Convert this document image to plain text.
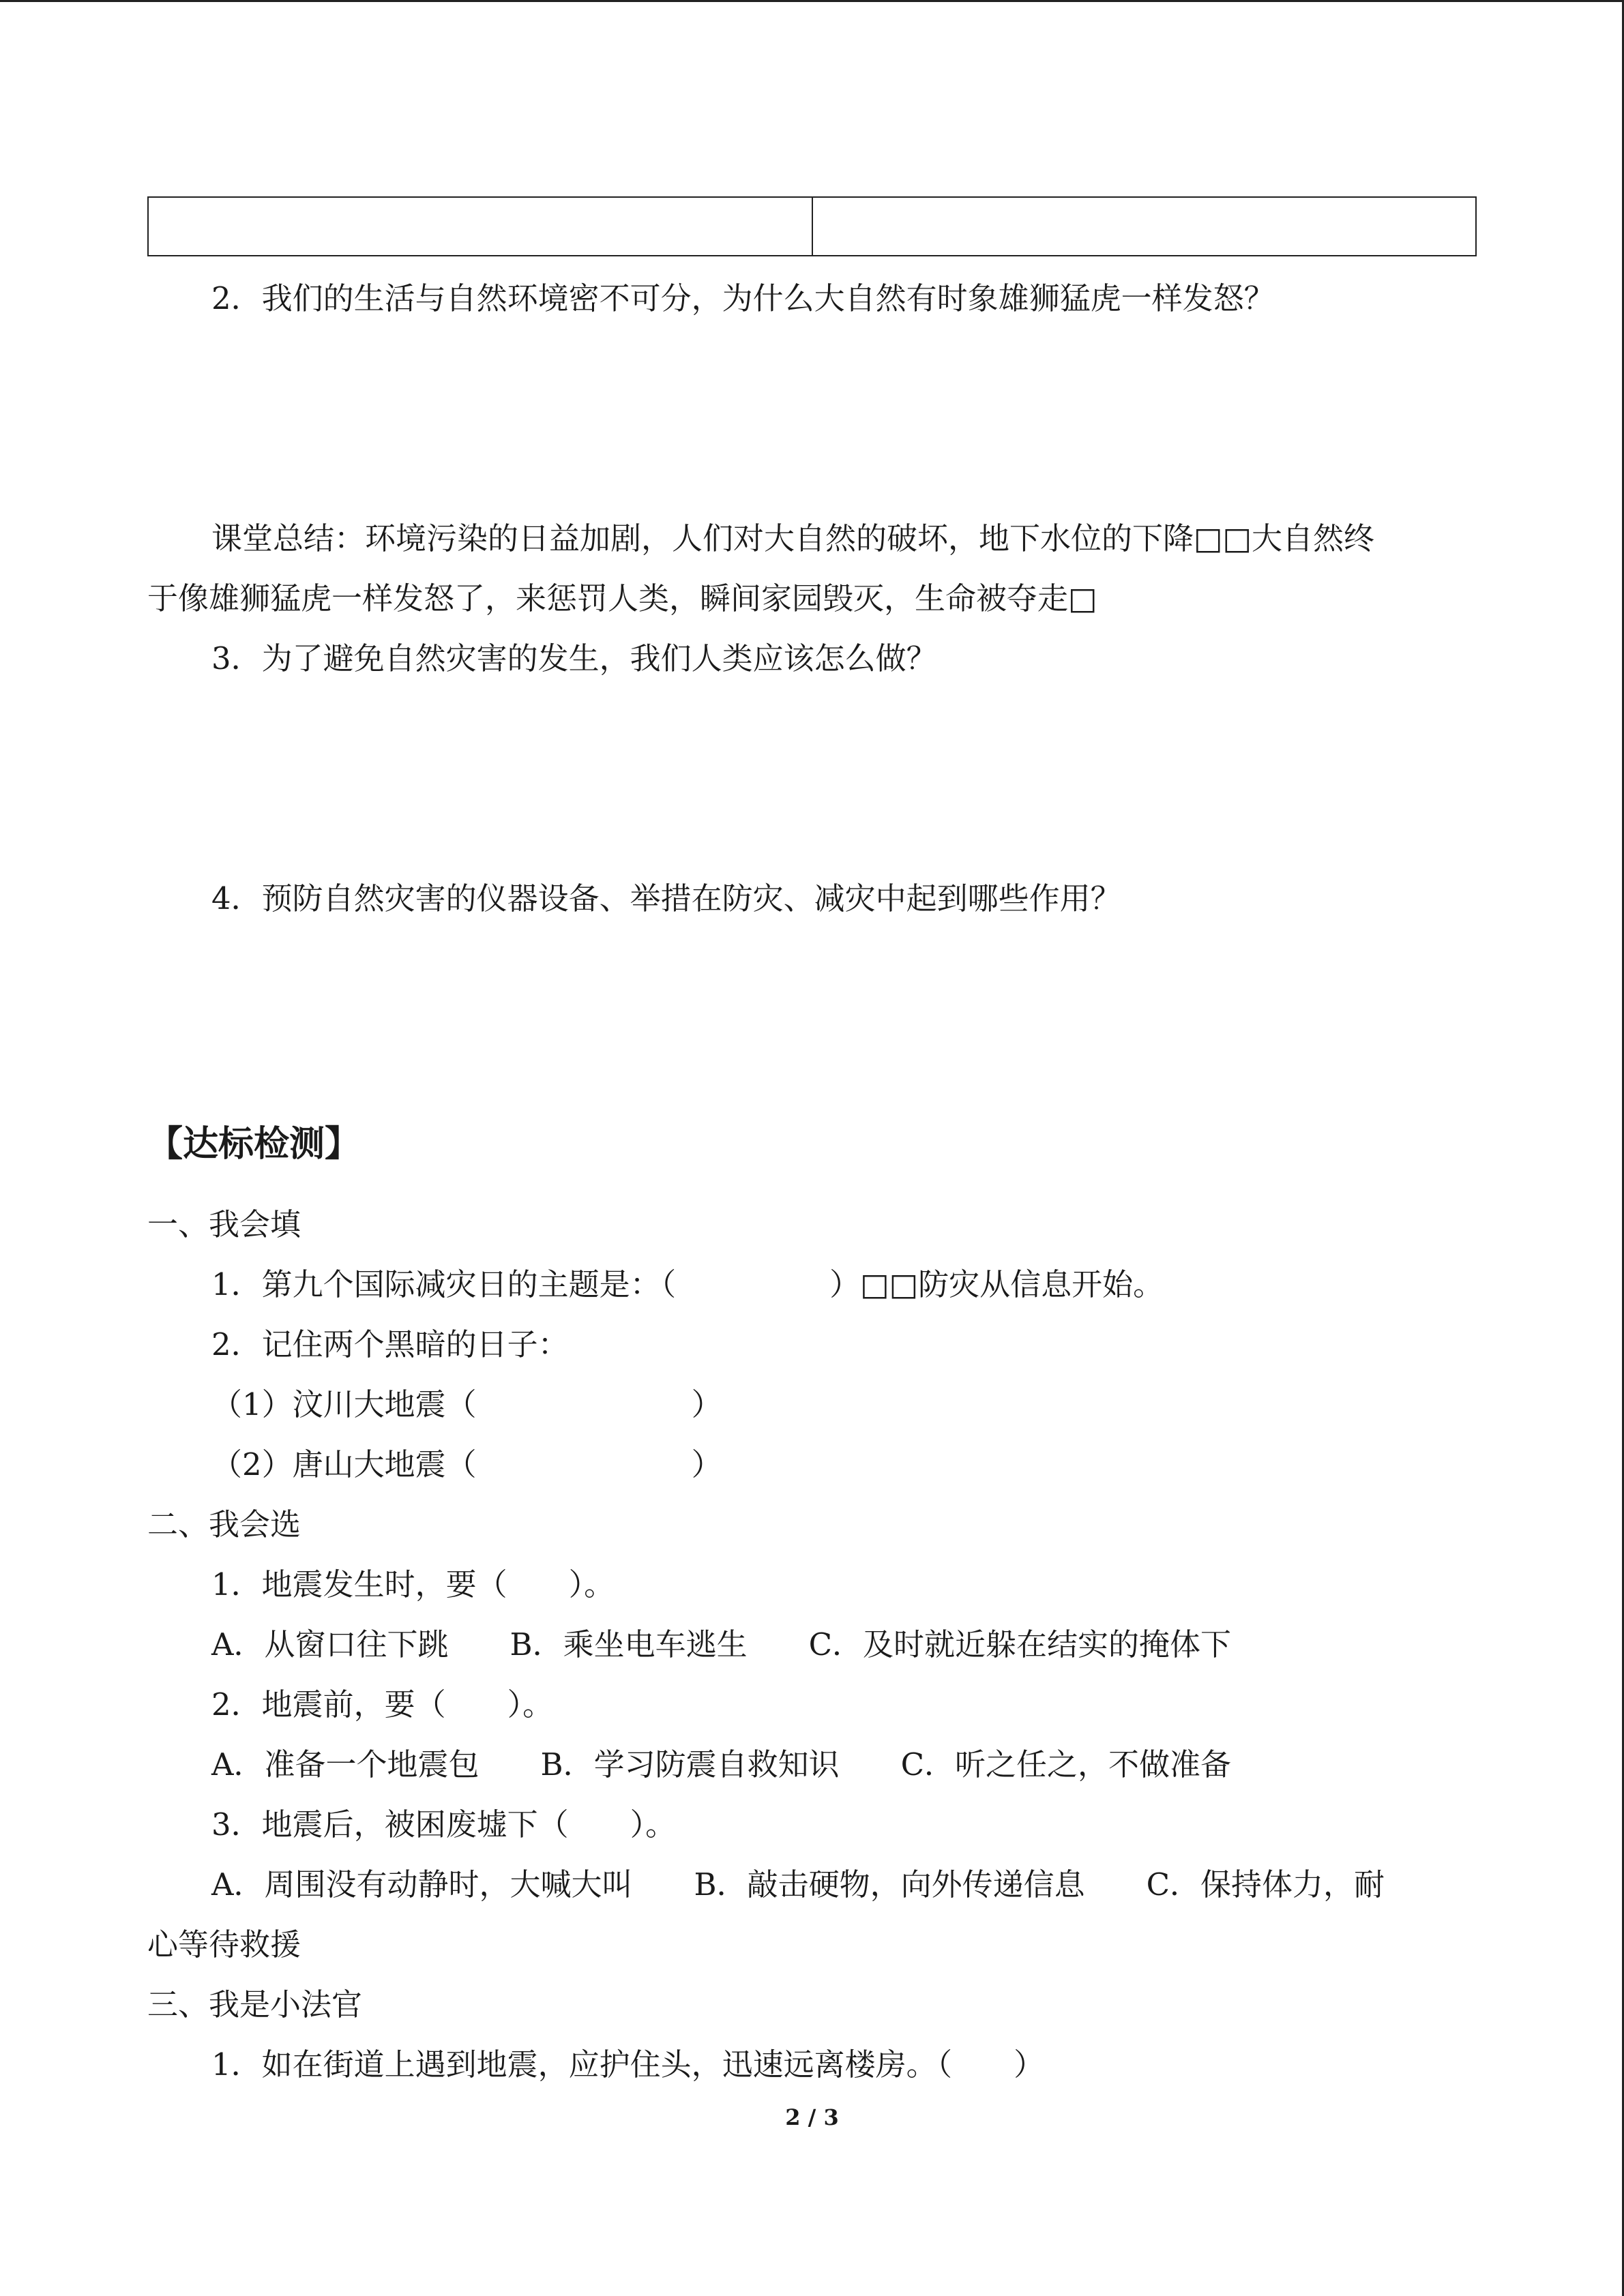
2．我们的生活与自然环境密不可分，为什么大自然有时象雄狮猛虎一样发怒？

课堂总结：环境污染的日益加剧，人们对大自然的破坏，地下水位的下降□□大自然终

于像雄狮猛虎一样发怒了，来惩罚人类，瞬间家园毁灭，生命被夺走□

3．为了避免自然灾害的发生，我们人类应该怎么做？

4．预防自然灾害的仪器设备、举措在防灾、减灾中起到哪些作用？

【达标检测】

一、我会填

1．第九个国际减灾日的主题是：（　　　　　）□□防灾从信息开始。

2．记住两个黑暗的日子：

（1）汶川大地震（　　　　　　　）

（2）唐山大地震（　　　　　　　）

二、我会选

1．地震发生时，要（　　）。

A．从窗口往下跳　　B．乘坐电车逃生　　C．及时就近躲在结实的掩体下

2．地震前，要（　　）。

A．准备一个地震包　　B．学习防震自救知识　　C．听之任之，不做准备

3．地震后，被困废墟下（　　）。

A．周围没有动静时，大喊大叫　　B．敲击硬物，向外传递信息　　C．保持体力，耐

心等待救援

三、我是小法官

1．如在街道上遇到地震，应护住头，迅速远离楼房。（　　）

2 / 3
